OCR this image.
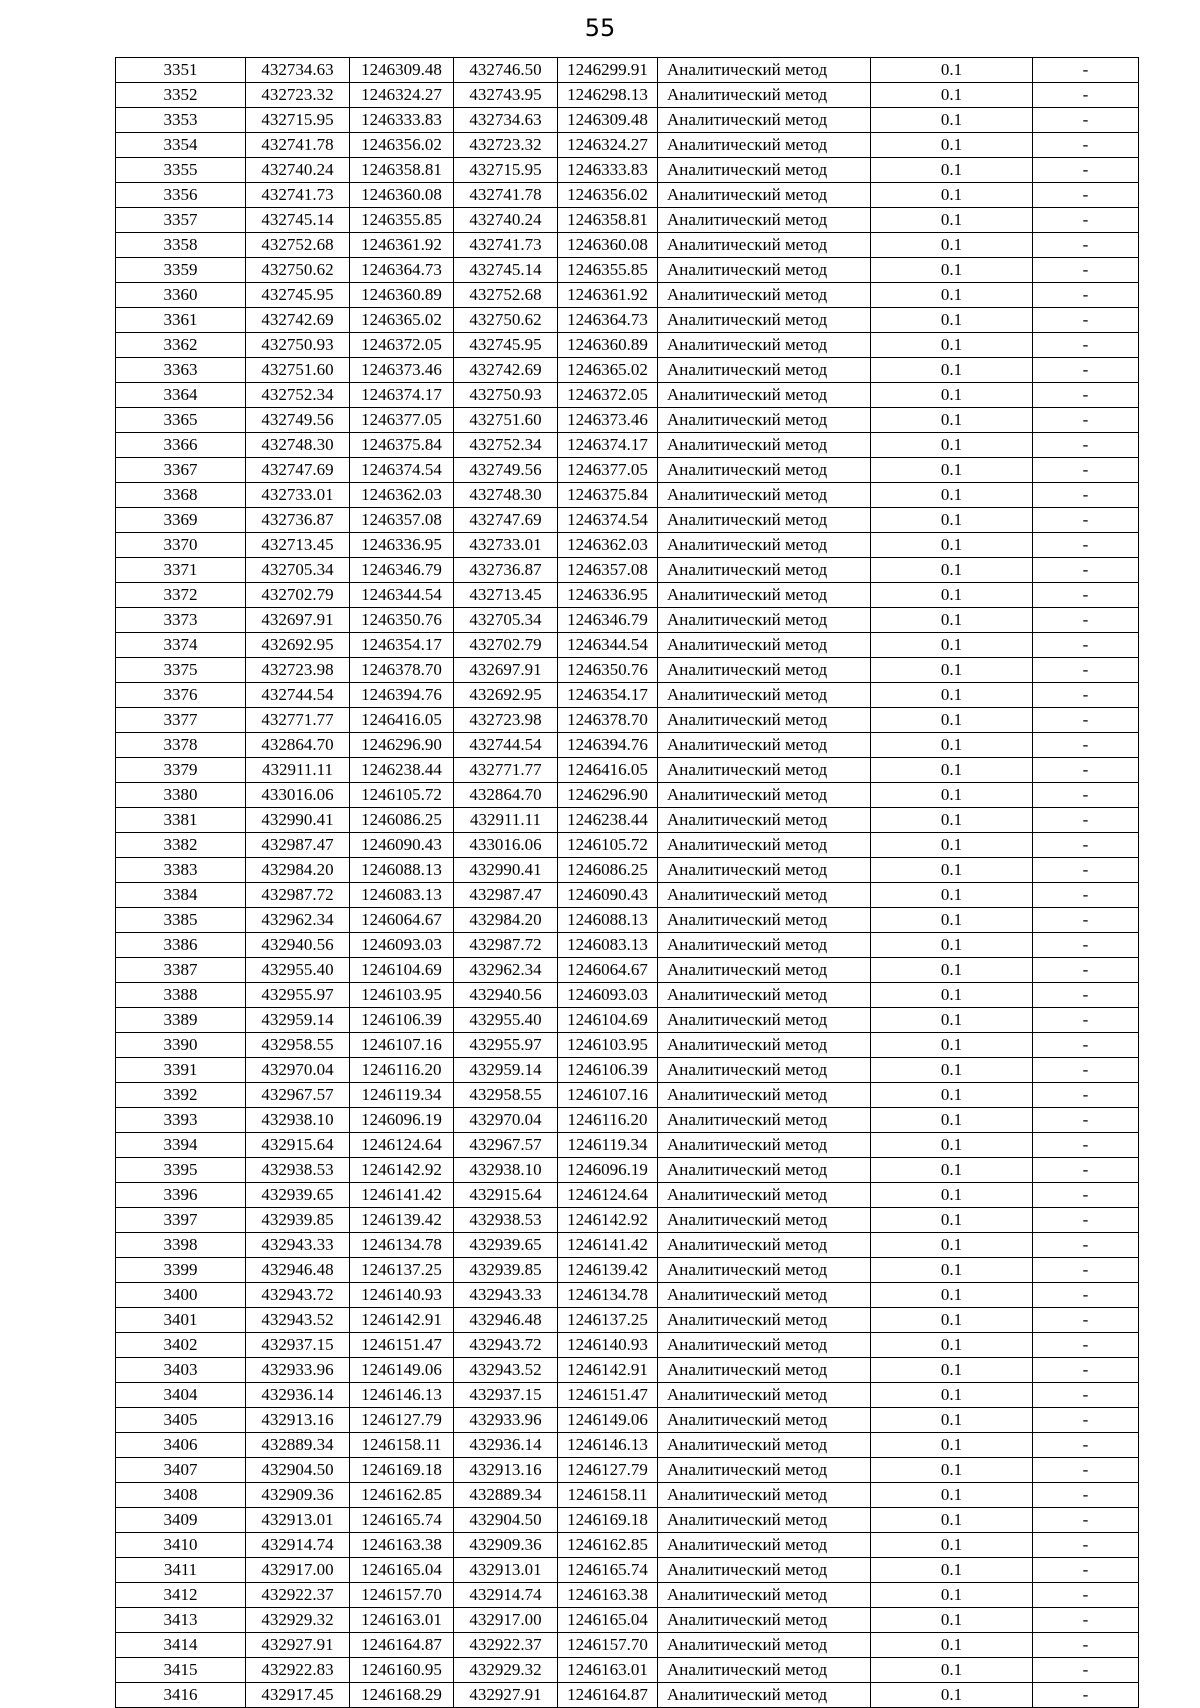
55
3351	432734.63	1246309.48	432746.50	1246299.91	Аналитический метод	0.1	-
3352	432723.32	1246324.27	432743.95	1246298.13	Аналитический метод	0.1	-
3353	432715.95	1246333.83	432734.63	1246309.48	Аналитический метод	0.1	-
3354	432741.78	1246356.02	432723.32	1246324.27	Аналитический метод	0.1	-
3355	432740.24	1246358.81	432715.95	1246333.83	Аналитический метод	0.1	-
3356	432741.73	1246360.08	432741.78	1246356.02	Аналитический метод	0.1	-
3357	432745.14	1246355.85	432740.24	1246358.81	Аналитический метод	0.1	-
3358	432752.68	1246361.92	432741.73	1246360.08	Аналитический метод	0.1	-
3359	432750.62	1246364.73	432745.14	1246355.85	Аналитический метод	0.1	-
3360	432745.95	1246360.89	432752.68	1246361.92	Аналитический метод	0.1	-
3361	432742.69	1246365.02	432750.62	1246364.73	Аналитический метод	0.1	-
3362	432750.93	1246372.05	432745.95	1246360.89	Аналитический метод	0.1	-
3363	432751.60	1246373.46	432742.69	1246365.02	Аналитический метод	0.1	-
3364	432752.34	1246374.17	432750.93	1246372.05	Аналитический метод	0.1	-
3365	432749.56	1246377.05	432751.60	1246373.46	Аналитический метод	0.1	-
3366	432748.30	1246375.84	432752.34	1246374.17	Аналитический метод	0.1	-
3367	432747.69	1246374.54	432749.56	1246377.05	Аналитический метод	0.1	-
3368	432733.01	1246362.03	432748.30	1246375.84	Аналитический метод	0.1	-
3369	432736.87	1246357.08	432747.69	1246374.54	Аналитический метод	0.1	-
3370	432713.45	1246336.95	432733.01	1246362.03	Аналитический метод	0.1	-
3371	432705.34	1246346.79	432736.87	1246357.08	Аналитический метод	0.1	-
3372	432702.79	1246344.54	432713.45	1246336.95	Аналитический метод	0.1	-
3373	432697.91	1246350.76	432705.34	1246346.79	Аналитический метод	0.1	-
3374	432692.95	1246354.17	432702.79	1246344.54	Аналитический метод	0.1	-
3375	432723.98	1246378.70	432697.91	1246350.76	Аналитический метод	0.1	-
3376	432744.54	1246394.76	432692.95	1246354.17	Аналитический метод	0.1	-
3377	432771.77	1246416.05	432723.98	1246378.70	Аналитический метод	0.1	-
3378	432864.70	1246296.90	432744.54	1246394.76	Аналитический метод	0.1	-
3379	432911.11	1246238.44	432771.77	1246416.05	Аналитический метод	0.1	-
3380	433016.06	1246105.72	432864.70	1246296.90	Аналитический метод	0.1	-
3381	432990.41	1246086.25	432911.11	1246238.44	Аналитический метод	0.1	-
3382	432987.47	1246090.43	433016.06	1246105.72	Аналитический метод	0.1	-
3383	432984.20	1246088.13	432990.41	1246086.25	Аналитический метод	0.1	-
3384	432987.72	1246083.13	432987.47	1246090.43	Аналитический метод	0.1	-
3385	432962.34	1246064.67	432984.20	1246088.13	Аналитический метод	0.1	-
3386	432940.56	1246093.03	432987.72	1246083.13	Аналитический метод	0.1	-
3387	432955.40	1246104.69	432962.34	1246064.67	Аналитический метод	0.1	-
3388	432955.97	1246103.95	432940.56	1246093.03	Аналитический метод	0.1	-
3389	432959.14	1246106.39	432955.40	1246104.69	Аналитический метод	0.1	-
3390	432958.55	1246107.16	432955.97	1246103.95	Аналитический метод	0.1	-
3391	432970.04	1246116.20	432959.14	1246106.39	Аналитический метод	0.1	-
3392	432967.57	1246119.34	432958.55	1246107.16	Аналитический метод	0.1	-
3393	432938.10	1246096.19	432970.04	1246116.20	Аналитический метод	0.1	-
3394	432915.64	1246124.64	432967.57	1246119.34	Аналитический метод	0.1	-
3395	432938.53	1246142.92	432938.10	1246096.19	Аналитический метод	0.1	-
3396	432939.65	1246141.42	432915.64	1246124.64	Аналитический метод	0.1	-
3397	432939.85	1246139.42	432938.53	1246142.92	Аналитический метод	0.1	-
3398	432943.33	1246134.78	432939.65	1246141.42	Аналитический метод	0.1	-
3399	432946.48	1246137.25	432939.85	1246139.42	Аналитический метод	0.1	-
3400	432943.72	1246140.93	432943.33	1246134.78	Аналитический метод	0.1	-
3401	432943.52	1246142.91	432946.48	1246137.25	Аналитический метод	0.1	-
3402	432937.15	1246151.47	432943.72	1246140.93	Аналитический метод	0.1	-
3403	432933.96	1246149.06	432943.52	1246142.91	Аналитический метод	0.1	-
3404	432936.14	1246146.13	432937.15	1246151.47	Аналитический метод	0.1	-
3405	432913.16	1246127.79	432933.96	1246149.06	Аналитический метод	0.1	-
3406	432889.34	1246158.11	432936.14	1246146.13	Аналитический метод	0.1	-
3407	432904.50	1246169.18	432913.16	1246127.79	Аналитический метод	0.1	-
3408	432909.36	1246162.85	432889.34	1246158.11	Аналитический метод	0.1	-
3409	432913.01	1246165.74	432904.50	1246169.18	Аналитический метод	0.1	-
3410	432914.74	1246163.38	432909.36	1246162.85	Аналитический метод	0.1	-
3411	432917.00	1246165.04	432913.01	1246165.74	Аналитический метод	0.1	-
3412	432922.37	1246157.70	432914.74	1246163.38	Аналитический метод	0.1	-
3413	432929.32	1246163.01	432917.00	1246165.04	Аналитический метод	0.1	-
3414	432927.91	1246164.87	432922.37	1246157.70	Аналитический метод	0.1	-
3415	432922.83	1246160.95	432929.32	1246163.01	Аналитический метод	0.1	-
3416	432917.45	1246168.29	432927.91	1246164.87	Аналитический метод	0.1	-
